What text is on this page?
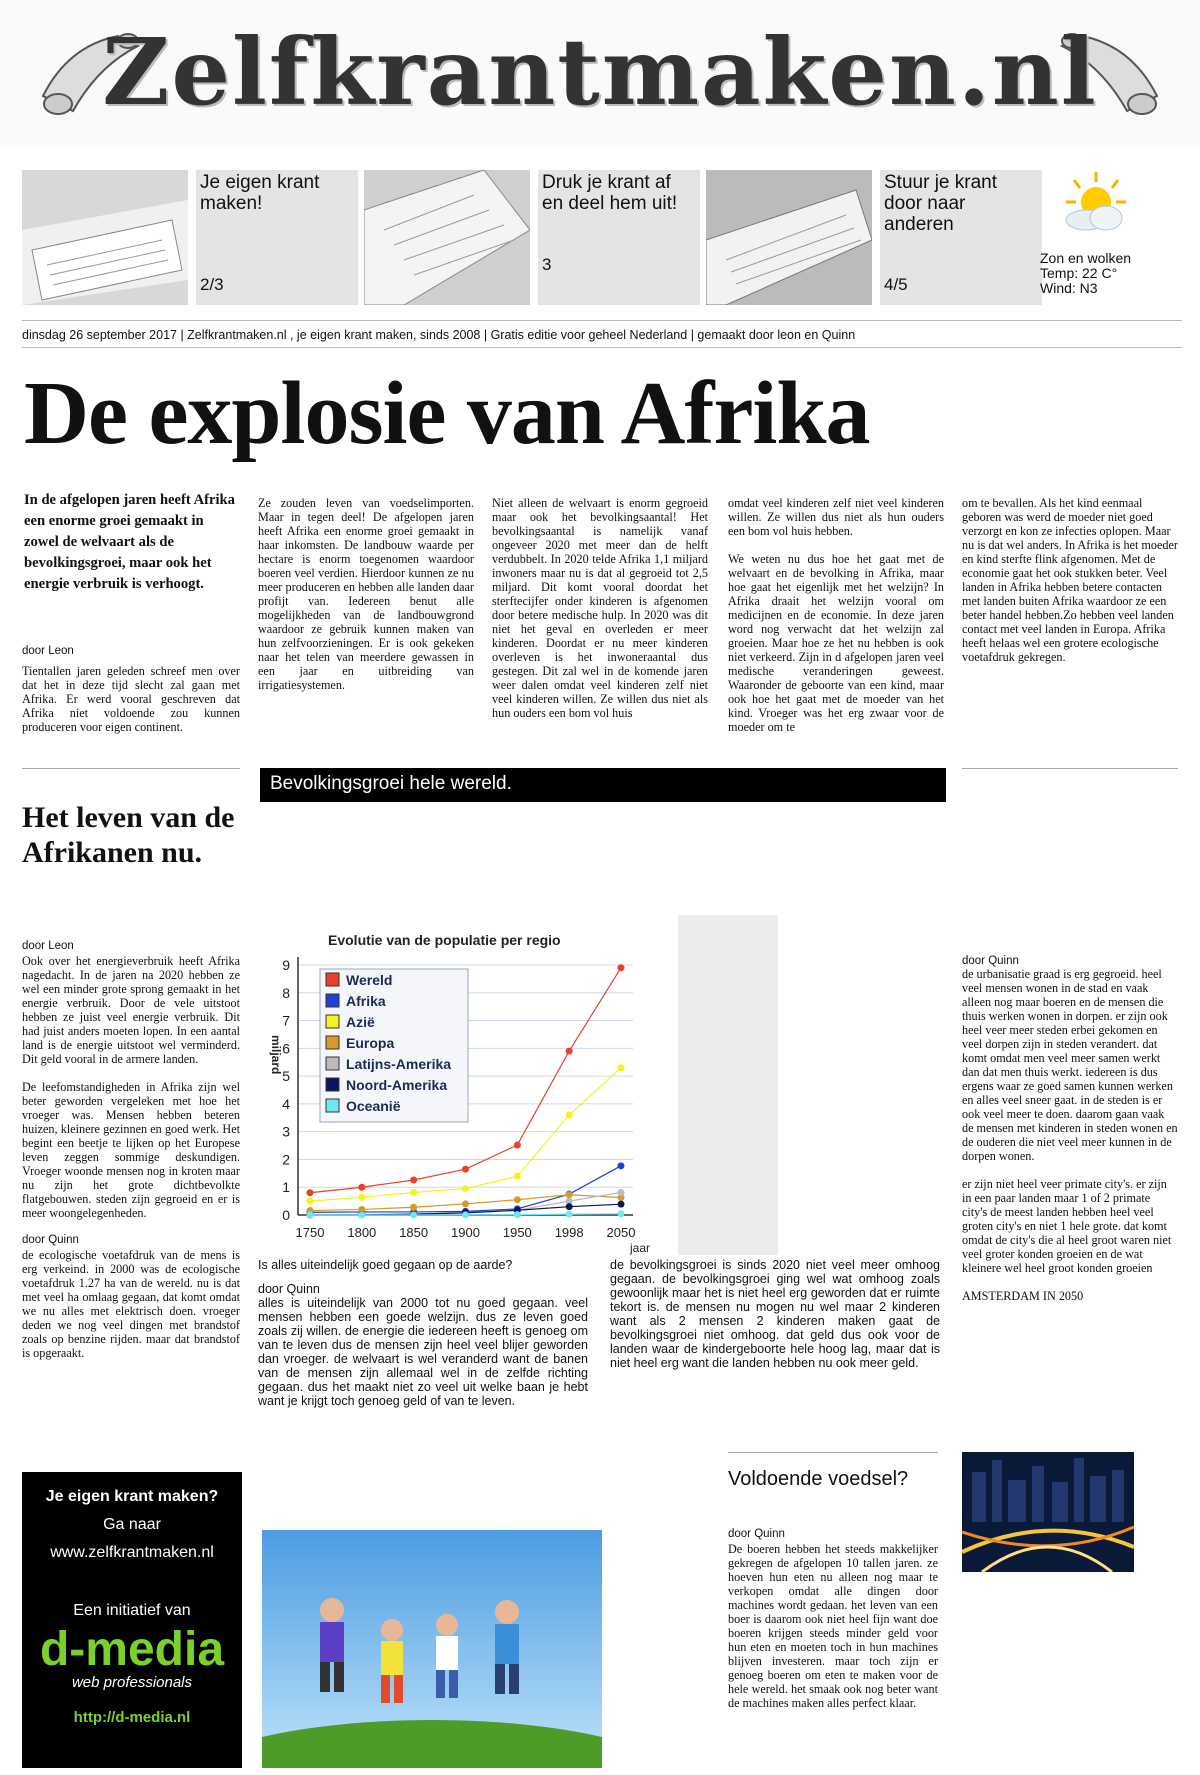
Zelfkrantmaken.nl
Je eigen krant maken!
2/3
Druk je krant af en deel hem uit!
3
Stuur je krant door naar anderen
4/5
Zon en wolken
Temp: 22 C°
Wind: N3
dinsdag 26 september 2017 | Zelfkrantmaken.nl , je eigen krant maken, sinds 2008 | Gratis editie voor geheel Nederland | gemaakt door leon en Quinn
De explosie van Afrika
In de afgelopen jaren heeft Afrika een enorme groei gemaakt in zowel de welvaart als de bevolkingsgroei, maar ook het energie verbruik is verhoogt.
door Leon
Tientallen jaren geleden schreef men over dat het in deze tijd slecht zal gaan met Afrika. Er werd vooral geschreven dat Afrika niet voldoende zou kunnen produceren voor eigen continent.
Ze zouden leven van voedselimporten. Maar in tegen deel! De afgelopen jaren heeft Afrika een enorme groei gemaakt in haar inkomsten. De landbouw waarde per hectare is enorm toegenomen waardoor boeren veel verdien. Hierdoor kunnen ze nu meer produceren en hebben alle landen daar profijt van. Iedereen benut alle mogelijkheden van de landbouwgrond waardoor ze gebruik kunnen maken van hun zelfvoorzieningen. Er is ook gekeken naar het telen van meerdere gewassen in een jaar en uitbreiding van irrigatiesystemen.
Niet alleen de welvaart is enorm gegroeid maar ook het bevolkingsaantal! Het bevolkingsaantal is namelijk vanaf ongeveer 2020 met meer dan de helft verdubbelt. In 2020 telde Afrika 1,1 miljard inwoners maar nu is dat al gegroeid tot 2,5 miljard. Dit komt vooral doordat het sterftecijfer onder kinderen is afgenomen door betere medische hulp. In 2020 was dit niet het geval en overleden er meer kinderen. Doordat er nu meer kinderen overleven is het inwoneraantal dus gestegen. Dit zal wel in de komende jaren weer dalen omdat veel kinderen zelf niet veel kinderen willen. Ze willen dus niet als hun ouders een bom vol huis

omdat veel kinderen zelf niet veel kinderen willen. Ze willen dus niet als hun ouders een bom vol huis hebben.

We weten nu dus hoe het gaat met de welvaart en de bevolking in Afrika, maar hoe gaat het eigenlijk met het welzijn? In Afrika draait het welzijn vooral om medicijnen en de economie. In deze jaren word nog verwacht dat het welzijn zal groeien. Maar hoe ze het nu hebben is ook niet verkeerd. Zijn in d afgelopen jaren veel medische veranderingen geweest. Waaronder de geboorte van een kind, maar ook hoe het gaat met de moeder van het kind. Vroeger was het erg zwaar voor de moeder om te

om te bevallen. Als het kind eenmaal geboren was werd de moeder niet goed verzorgt en kon ze infecties oplopen. Maar nu is dat wel anders. In Afrika is het moeder en kind sterfte flink afgenomen. Met de economie gaat het ook stukken beter. Veel landen in Afrika hebben betere contacten met landen buiten Afrika waardoor ze een beter handel hebben.Zo hebben veel landen contact met veel landen in Europa. Afrika heeft helaas wel een grotere ecologische voetafdruk gekregen.
Bevolkingsgroei hele wereld.
Het leven van de Afrikanen nu.
door Leon

Ook over het energieverbruik heeft Afrika nagedacht. In de jaren na 2020 hebben ze wel een minder grote sprong gemaakt in het energie verbruik. Door de vele uitstoot hebben ze juist veel energie verbruik. Dit had juist anders moeten lopen. In een aantal land is de energie uitstoot wel verminderd. Dit geld vooral in de armere landen.

De leefomstandigheden in Afrika zijn wel beter geworden vergeleken met hoe het vroeger was. Mensen hebben beteren huizen, kleinere gezinnen en goed werk. Het begint een beetje te lijken op het Europese leven zeggen sommige deskundigen. Vroeger woonde mensen nog in kroten maar nu zijn het grote dichtbevolkte flatgebouwen. steden zijn gegroeid en er is meer woongelegenheden.

door Quinn

de ecologische voetafdruk van de mens is erg verkeind. in 2000 was de ecologische voetafdruk 1.27 ha van de wereld. nu is dat met veel ha omlaag gegaan, dat komt omdat we nu alles met elektrisch doen. vroeger deden we nog veel dingen met brandstof zoals op benzine rijden. maar dat brandstof is opgeraakt.

Evolutie van de populatie per regio
miljard
jaar
0
1
2
3
4
5
6
7
8
9
1750 1800 1850 1900 1950 1998 2050
Wereld
Afrika
Azië
Europa
Latijns-Amerika
Noord-Amerika
Oceanië
Is alles uiteindelijk goed gegaan op de aarde?
door Quinn
alles is uiteindelijk van 2000 tot nu goed gegaan. veel mensen hebben een goede welzijn. dus ze leven goed zoals zij willen. de energie die iedereen heeft is genoeg om van te leven dus de mensen zijn heel veel blijer geworden dan vroeger. de welvaart is wel veranderd want de banen van de mensen zijn allemaal wel in de zelfde richting gegaan. dus het maakt niet zo veel uit welke baan je hebt want je krijgt toch genoeg geld of van te leven.
de bevolkingsgroei is sinds 2020 niet veel meer omhoog gegaan. de bevolkingsgroei ging wel wat omhoog zoals gewoonlijk maar het is niet heel erg geworden dat er ruimte tekort is. de mensen nu mogen nu wel maar 2 kinderen want als 2 mensen 2 kinderen maken gaat de bevolkingsgroei niet omhoog. dat geld dus ook voor de landen waar de kindergeboorte hele hoog lag, maar dat is niet heel erg want die landen hebben nu ook meer geld.
door Quinn

de urbanisatie graad is erg gegroeid. heel veel mensen wonen in de stad en vaak alleen nog maar boeren en de mensen die thuis werken wonen in dorpen. er zijn ook heel veer meer steden erbei gekomen en veel dorpen zijn in steden verandert. dat komt omdat men veel meer samen werkt dan dat men thuis werkt. iedereen is dus ergens waar ze goed samen kunnen werken en alles veel sneer gaat. in de steden is er ook veel meer te doen. daarom gaan vaak de mensen met kinderen in steden wonen en de ouderen die niet veel meer kunnen in de dorpen wonen.

er zijn niet heel veer primate city's. er zijn in een paar landen maar 1 of 2 primate city's de meest landen hebben heel veel groten city's en niet 1 hele grote. dat komt omdat de city's die al heel groot waren niet veel groter konden groeien en de wat kleinere wel heel groot konden groeien

AMSTERDAM IN 2050
Je eigen krant maken?
Ga naar
www.zelfkrantmaken.nl
Een initiatief van
d-media
web professionals
http://d-media.nl
Voldoende voedsel?
door Quinn
De boeren hebben het steeds makkelijker gekregen de afgelopen 10 tallen jaren. ze hoeven hun eten nu alleen nog maar te verkopen omdat alle dingen door machines wordt gedaan. het leven van een boer is daarom ook niet heel fijn want doe boeren krijgen steeds minder geld voor hun eten en moeten toch in hun machines blijven investeren. maar toch zijn er genoeg boeren om eten te maken voor de hele wereld. het smaak ook nog beter want de machines maken alles perfect klaar.
